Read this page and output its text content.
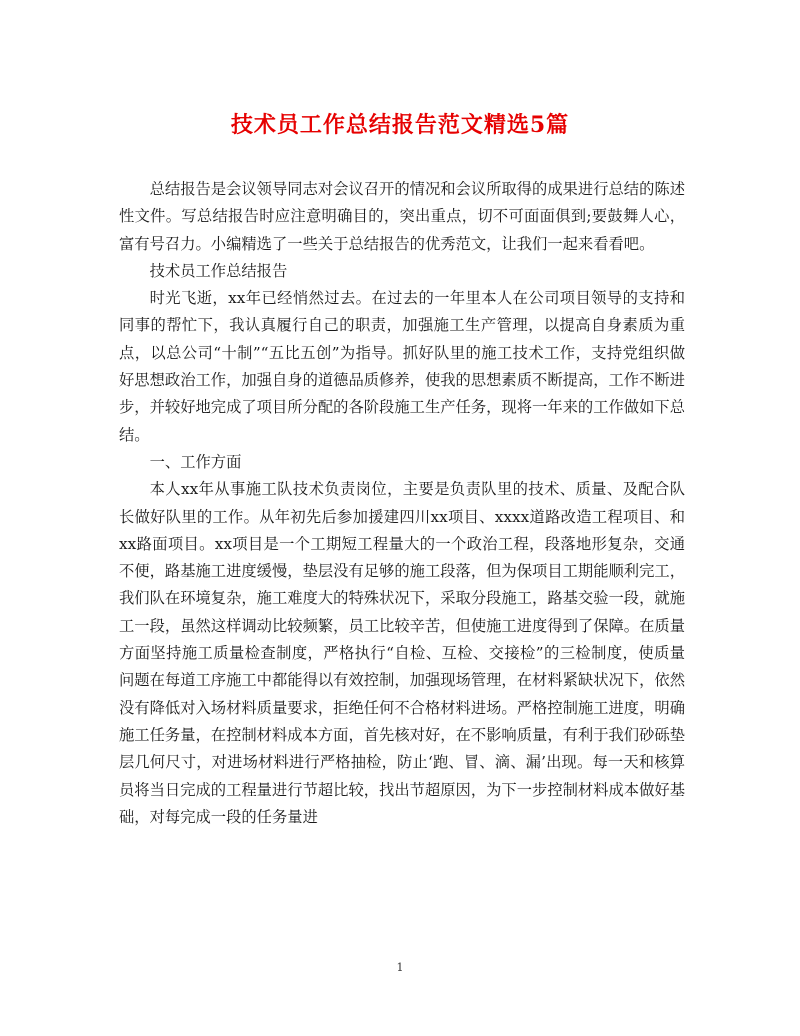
技术员工作总结报告范文精选5篇

总结报告是会议领导同志对会议召开的情况和会议所取得的成果进行总结的陈述性文件。写总结报告时应注意明确目的，突出重点，切不可面面俱到;要鼓舞人心，富有号召力。小编精选了一些关于总结报告的优秀范文，让我们一起来看看吧。

技术员工作总结报告

时光飞逝，xx年已经悄然过去。在过去的一年里本人在公司项目领导的支持和同事的帮忙下，我认真履行自己的职责，加强施工生产管理，以提高自身素质为重点，以总公司“十制”“五比五创”为指导。抓好队里的施工技术工作，支持党组织做好思想政治工作，加强自身的道德品质修养，使我的思想素质不断提高，工作不断进步，并较好地完成了项目所分配的各阶段施工生产任务，现将一年来的工作做如下总结。

一、工作方面

本人xx年从事施工队技术负责岗位，主要是负责队里的技术、质量、及配合队长做好队里的工作。从年初先后参加援建四川xx项目、xxxx道路改造工程项目、和xx路面项目。xx项目是一个工期短工程量大的一个政治工程，段落地形复杂，交通不便，路基施工进度缓慢，垫层没有足够的施工段落，但为保项目工期能顺利完工，我们队在环境复杂，施工难度大的特殊状况下，采取分段施工，路基交验一段，就施工一段，虽然这样调动比较频繁，员工比较辛苦，但使施工进度得到了保障。在质量方面坚持施工质量检查制度，严格执行“自检、互检、交接检”的三检制度，使质量问题在每道工序施工中都能得以有效控制，加强现场管理，在材料紧缺状况下，依然没有降低对入场材料质量要求，拒绝任何不合格材料进场。严格控制施工进度，明确施工任务量，在控制材料成本方面，首先核对好，在不影响质量，有利于我们砂砾垫层几何尺寸，对进场材料进行严格抽检，防止‘跑、冒、滴、漏’出现。每一天和核算员将当日完成的工程量进行节超比较，找出节超原因，为下一步控制材料成本做好基础，对每完成一段的任务量进

1
